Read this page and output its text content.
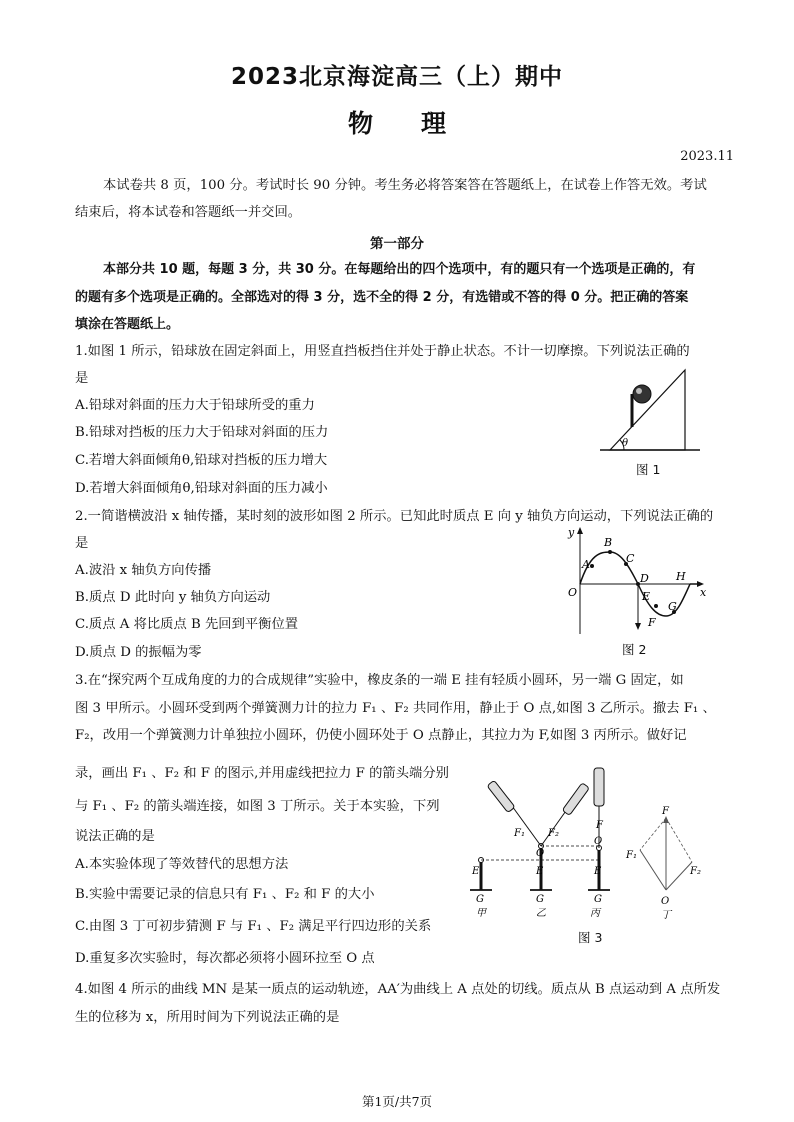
2023北京海淀高三（上）期中
物 理
2023.11
本试卷共 8 页，100 分。考试时长 90 分钟。考生务必将答案答在答题纸上，在试卷上作答无效。考试
结束后，将本试卷和答题纸一并交回。
第一部分
本部分共 10 题，每题 3 分，共 30 分。在每题给出的四个选项中，有的题只有一个选项是正确的，有
的题有多个选项是正确的。全部选对的得 3 分，选不全的得 2 分，有选错或不答的得 0 分。把正确的答案
填涂在答题纸上。
1.如图 1 所示，铅球放在固定斜面上，用竖直挡板挡住并处于静止状态。不计一切摩擦。下列说法正确的
是
A.铅球对斜面的压力大于铅球所受的重力
B.铅球对挡板的压力大于铅球对斜面的压力
C.若增大斜面倾角θ,铅球对挡板的压力增大
D.若增大斜面倾角θ,铅球对斜面的压力减小
θ
图 1
2.一简谐横波沿 x 轴传播，某时刻的波形如图 2 所示。已知此时质点 E 向 y 轴负方向运动，下列说法正确的
是
A.波沿 x 轴负方向传播
B.质点 D 此时向 y 轴负方向运动
C.质点 A 将比质点 B 先回到平衡位置
D.质点 D 的振幅为零
y
x
O
A
B
C
D
E
F
G
H
图 2
3.在“探究两个互成角度的力的合成规律”实验中，橡皮条的一端 E 挂有轻质小圆环，另一端 G 固定，如
图 3 甲所示。小圆环受到两个弹簧测力计的拉力 F₁ 、F₂ 共同作用，静止于 O 点,如图 3 乙所示。撤去 F₁ 、
F₂，改用一个弹簧测力计单独拉小圆环，仍使小圆环处于 O 点静止，其拉力为 F,如图 3 丙所示。做好记
录，画出 F₁ 、F₂ 和 F 的图示,并用虚线把拉力 F 的箭头端分别
与 F₁ 、F₂ 的箭头端连接，如图 3 丁所示。关于本实验，下列
说法正确的是
A.本实验体现了等效替代的思想方法
B.实验中需要记录的信息只有 F₁ 、F₂ 和 F 的大小
C.由图 3 丁可初步猜测 F 与 F₁ 、F₂ 满足平行四边形的关系
D.重复多次实验时，每次都必须将小圆环拉至 O 点
E
G
甲
F₁ F₂
O
E
G
乙
F
O
E
G
丙
F
F₁
F₂
O
丁
图 3
4.如图 4 所示的曲线 MN 是某一质点的运动轨迹，AA′为曲线上 A 点处的切线。质点从 B 点运动到 A 点所发
生的位移为 x，所用时间为下列说法正确的是
第1页/共7页
